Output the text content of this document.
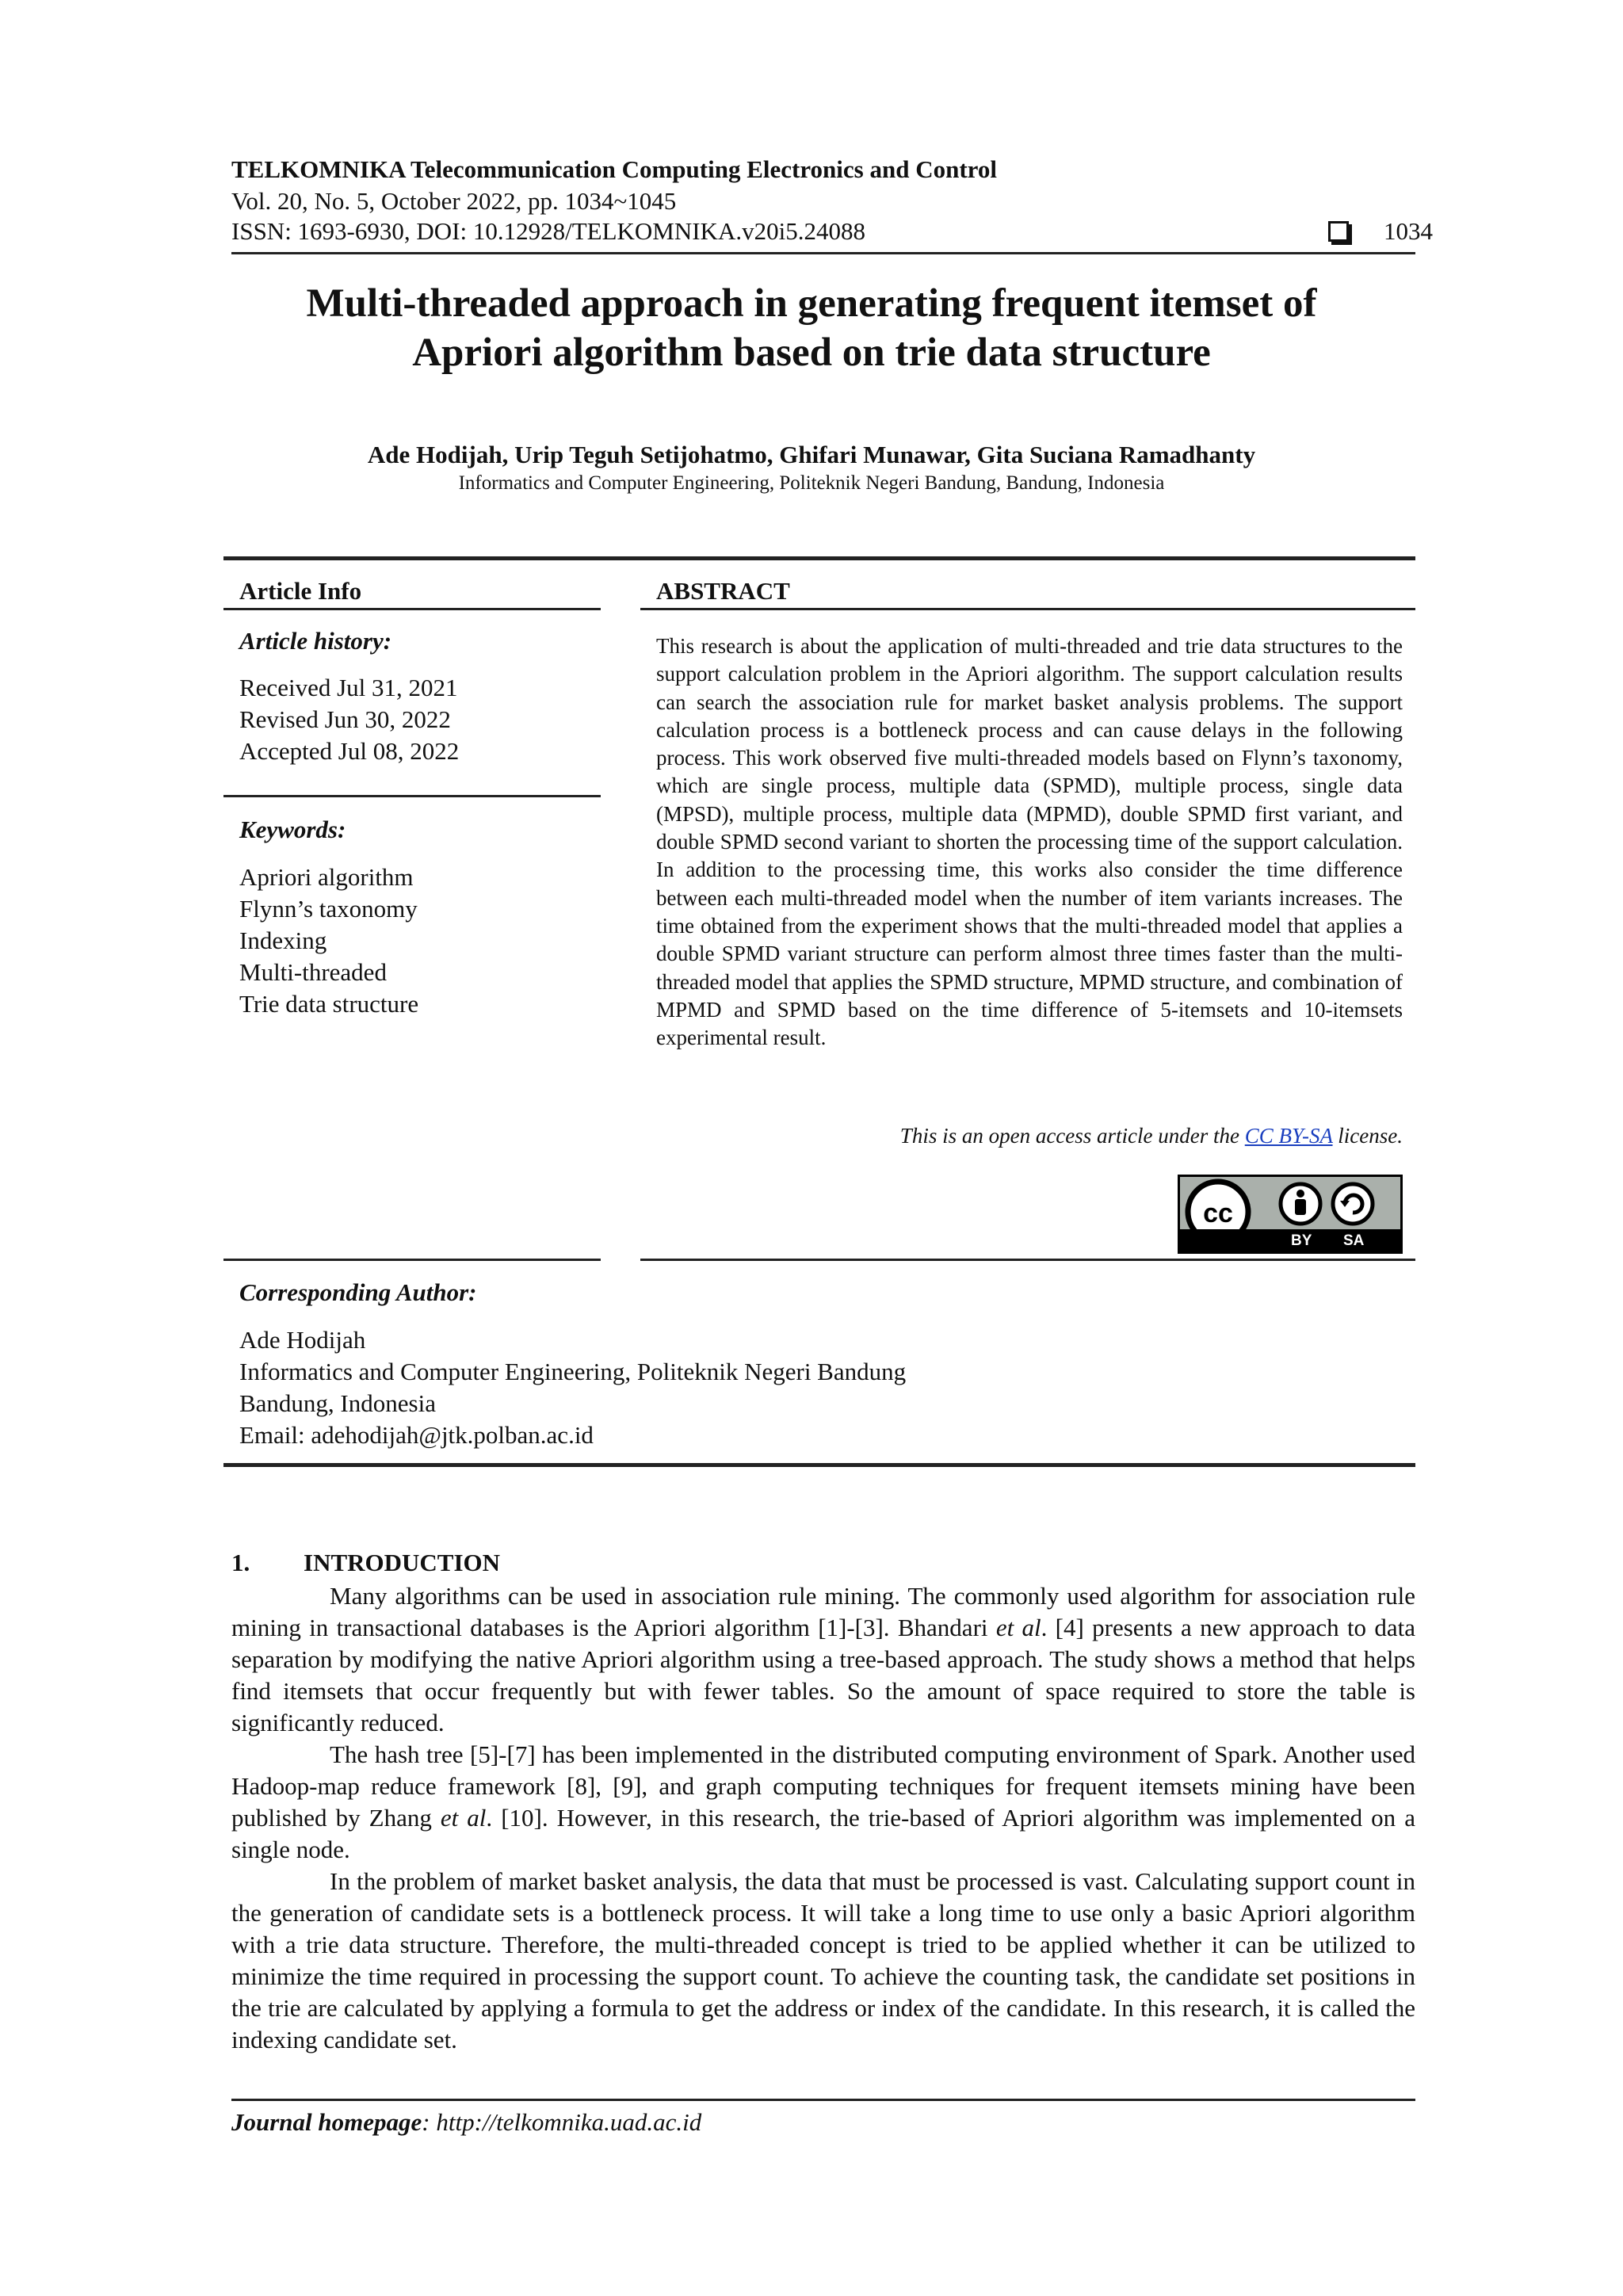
TELKOMNIKA Telecommunication Computing Electronics and Control
Vol. 20, No. 5, October 2022, pp. 1034~1045
ISSN: 1693-6930, DOI: 10.12928/TELKOMNIKA.v20i5.24088	1034
Multi-threaded approach in generating frequent itemset of
Apriori algorithm based on trie data structure
Ade Hodijah, Urip Teguh Setijohatmo, Ghifari Munawar, Gita Suciana Ramadhanty
Informatics and Computer Engineering, Politeknik Negeri Bandung, Bandung, Indonesia
Article Info
Article history:
Received Jul 31, 2021
Revised Jun 30, 2022
Accepted Jul 08, 2022
Keywords:
Apriori algorithm
Flynn’s taxonomy
Indexing
Multi-threaded
Trie data structure
ABSTRACT
This research is about the application of multi-threaded and trie data structures to the support calculation problem in the Apriori algorithm. The support calculation results can search the association rule for market basket analysis problems. The support calculation process is a bottleneck process and can cause delays in the following process. This work observed five multi-threaded models based on Flynn’s taxonomy, which are single process, multiple data (SPMD), multiple process, single data (MPSD), multiple process, multiple data (MPMD), double SPMD first variant, and double SPMD second variant to shorten the processing time of the support calculation. In addition to the processing time, this works also consider the time difference between each multi-threaded model when the number of item variants increases. The time obtained from the experiment shows that the multi-threaded model that applies a double SPMD variant structure can perform almost three times faster than the multi-threaded model that applies the SPMD structure, MPMD structure, and combination of MPMD and SPMD based on the time difference of 5-itemsets and 10-itemsets experimental result.
This is an open access article under the CC BY-SA license.
cc
BY SA
Corresponding Author:
Ade Hodijah
Informatics and Computer Engineering, Politeknik Negeri Bandung
Bandung, Indonesia
Email: adehodijah@jtk.polban.ac.id
1. INTRODUCTION

Many algorithms can be used in association rule mining. The commonly used algorithm for association rule mining in transactional databases is the Apriori algorithm [1]-[3]. Bhandari et al. [4] presents a new approach to data separation by modifying the native Apriori algorithm using a tree-based approach. The study shows a method that helps find itemsets that occur frequently but with fewer tables. So the amount of space required to store the table is significantly reduced.

The hash tree [5]-[7] has been implemented in the distributed computing environment of Spark. Another used Hadoop-map reduce framework [8], [9], and graph computing techniques for frequent itemsets mining have been published by Zhang et al. [10]. However, in this research, the trie-based of Apriori algorithm was implemented on a single node.

In the problem of market basket analysis, the data that must be processed is vast. Calculating support count in the generation of candidate sets is a bottleneck process. It will take a long time to use only a basic Apriori algorithm with a trie data structure. Therefore, the multi-threaded concept is tried to be applied whether it can be utilized to minimize the time required in processing the support count. To achieve the counting task, the candidate set positions in the trie are calculated by applying a formula to get the address or index of the candidate. In this research, it is called the indexing candidate set.

Journal homepage: http://telkomnika.uad.ac.id
